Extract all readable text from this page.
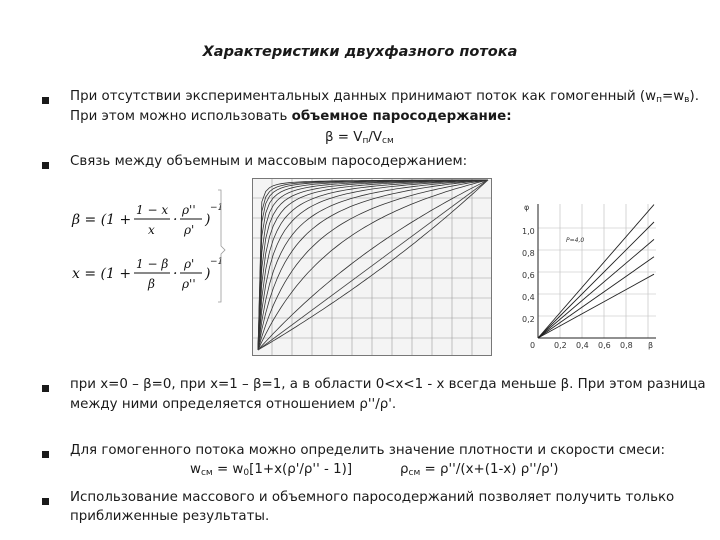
Характеристики двухфазного потока
При отсутствии экспериментальных данных принимают поток как гомогенный $(w_п=w_в)$.
При этом можно использовать объемное паросодержание:
$\beta = V_п/V_{см}$
Связь между объемным и массовым паросодержанием:
β = (1 +
1 − x
x
·
ρ''
ρ'
)
−1
x = (1 +
1 − β
β
·
ρ'
ρ''
)
−1
φ
1,0
0,8
0,6
0,4
0,2
0 0,2 0,4 0,6 0,8 β
P=4,0
при x=0 – β=0, при x=1 – β=1, а в области 0<x<1 - x всегда меньше β. При этом разница
между ними определяется отношением ρ''/ρ'.
Для гомогенного потока можно определить значение плотности и скорости смеси:
$w_{см} = w_0[1+x(\rho'/\rho'' - 1)]$	$\rho_{см} = \rho''/(x+(1-x)$ ρ''/ρ')
Использование массового и объемного паросодержаний позволяет получить только
приближенные результаты.
